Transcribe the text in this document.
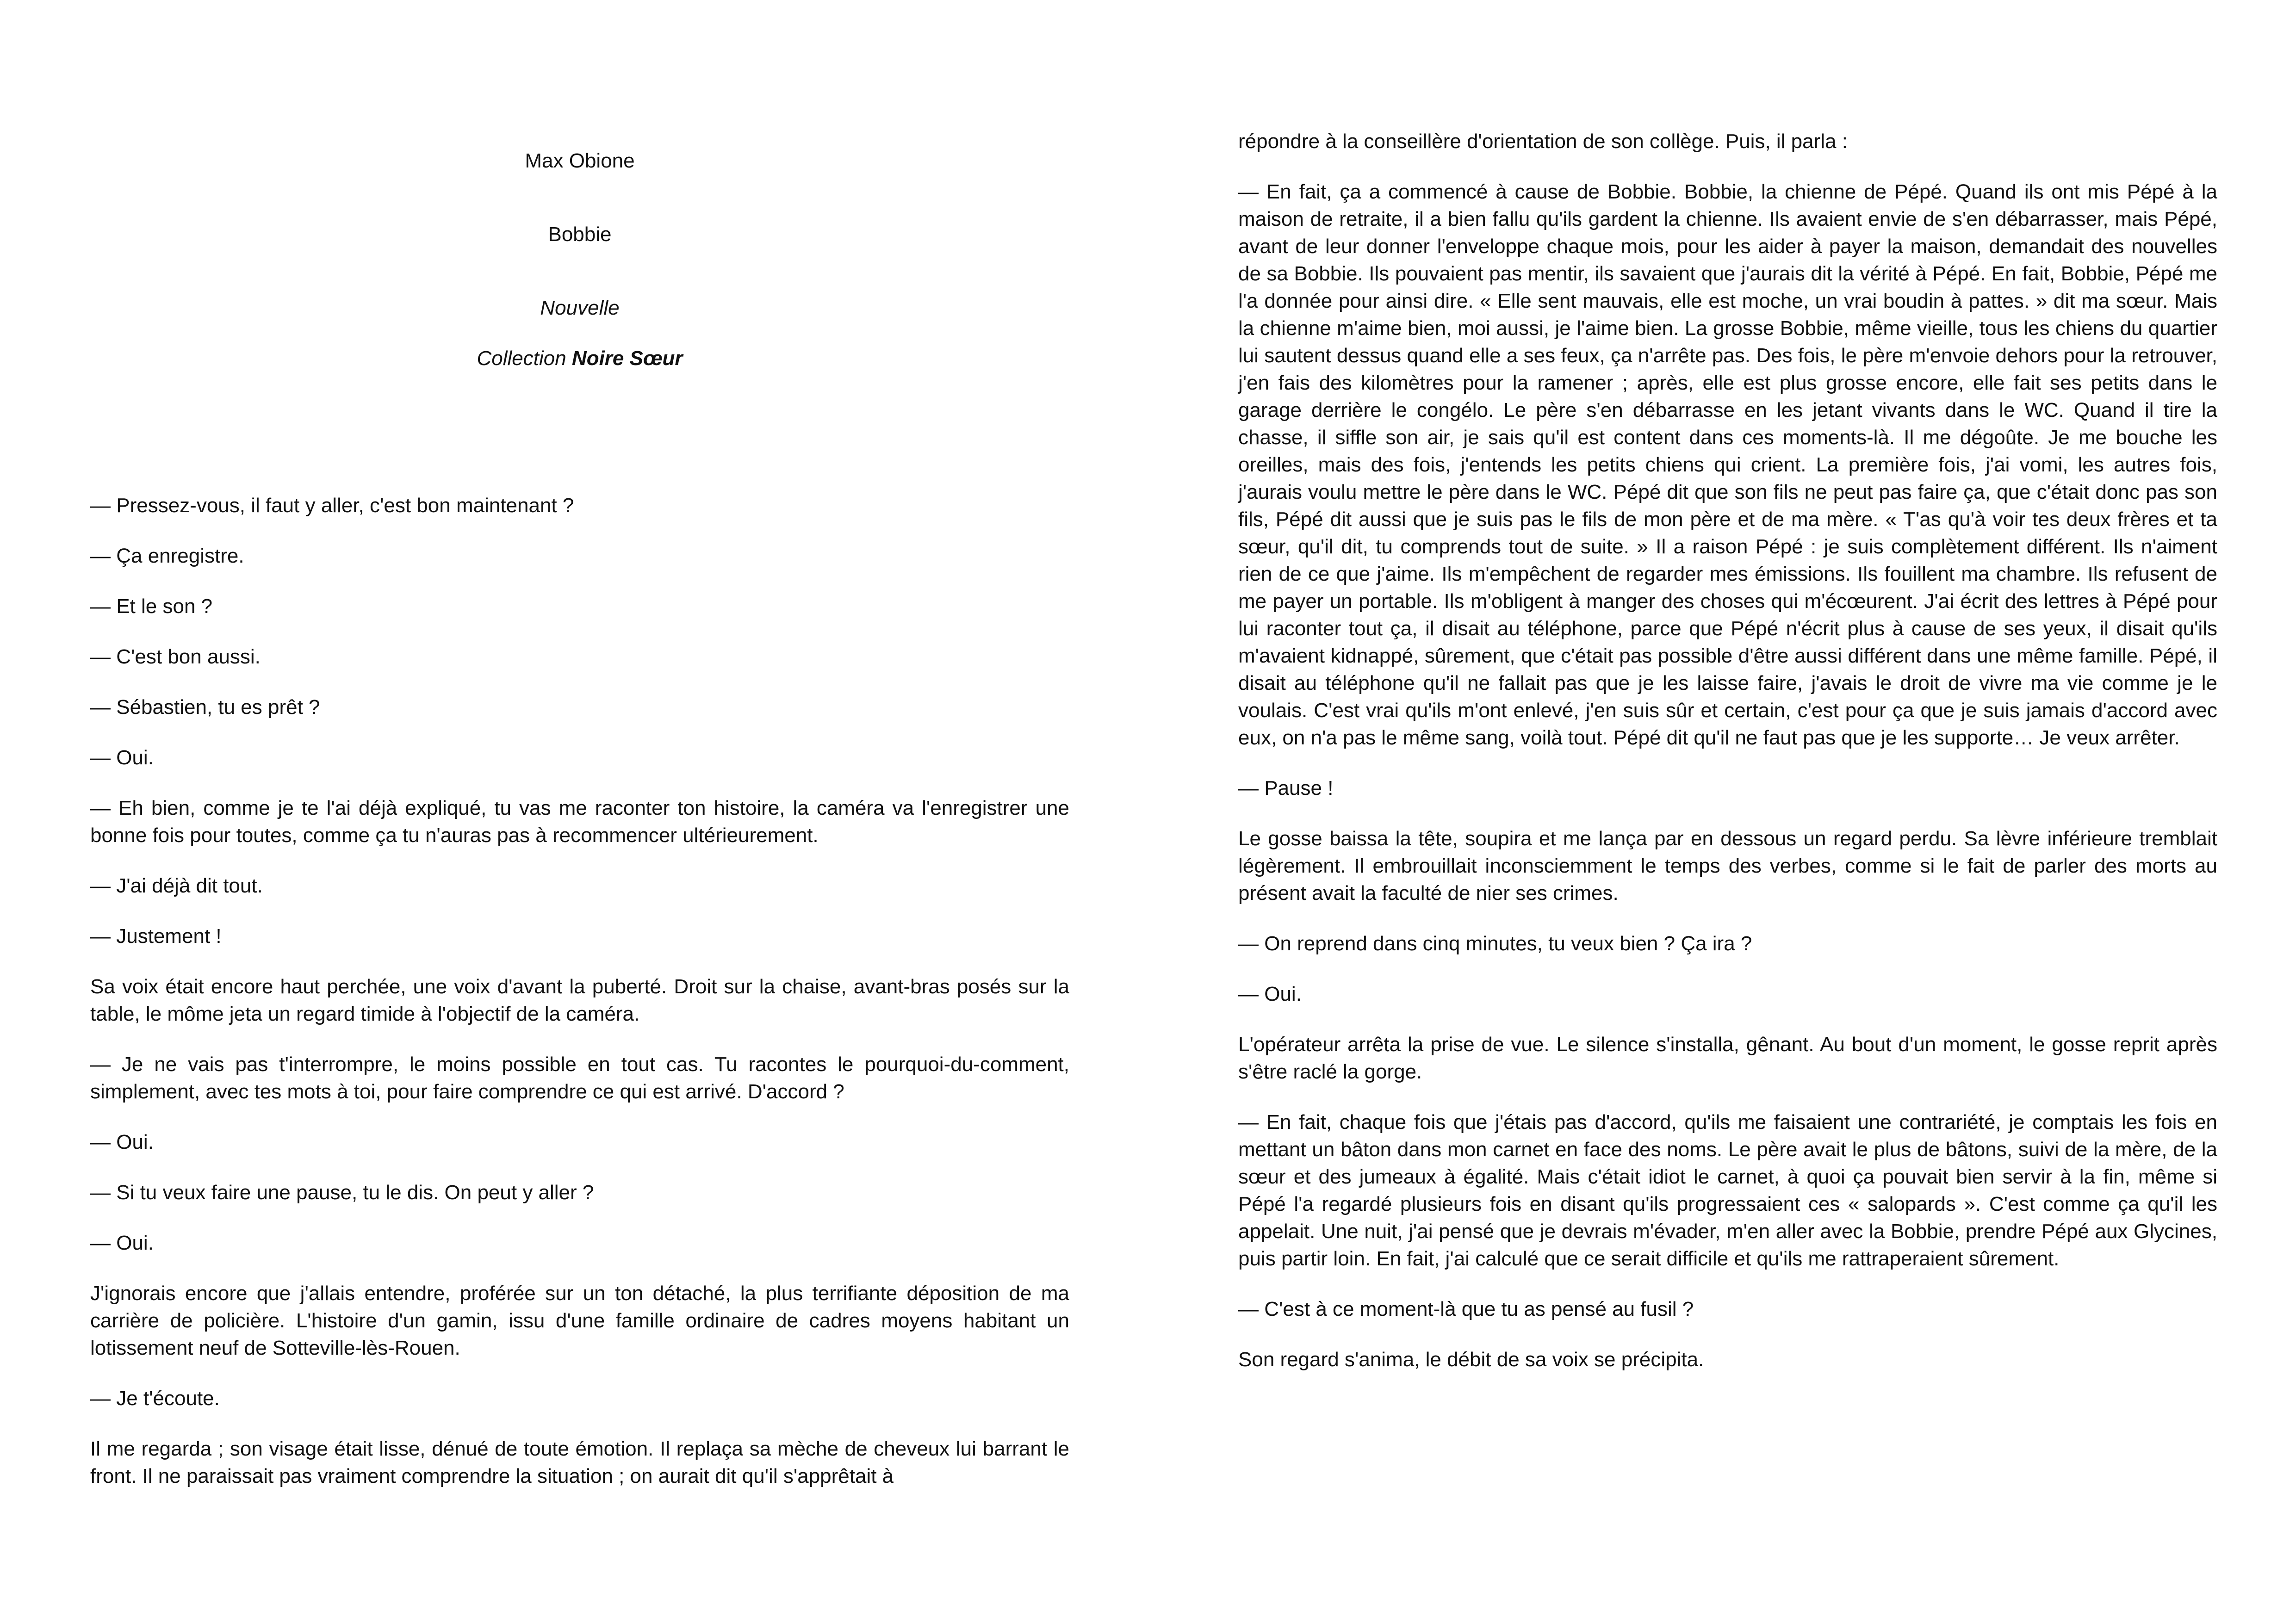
Max Obione
Bobbie
Nouvelle
Collection Noire Sœur

— Pressez-vous, il faut y aller, c'est bon maintenant ?

— Ça enregistre.

— Et le son ?

— C'est bon aussi.

— Sébastien, tu es prêt ?

— Oui.

— Eh bien, comme je te l'ai déjà expliqué, tu vas me raconter ton histoire, la caméra va l'enregistrer une bonne fois pour toutes, comme ça tu n'auras pas à recommencer ultérieurement.

— J'ai déjà dit tout.

— Justement !

Sa voix était encore haut perchée, une voix d'avant la puberté. Droit sur la chaise, avant-bras posés sur la table, le môme jeta un regard timide à l'objectif de la caméra.

— Je ne vais pas t'interrompre, le moins possible en tout cas. Tu racontes le pourquoi-du-comment, simplement, avec tes mots à toi, pour faire comprendre ce qui est arrivé. D'accord ?

— Oui.

— Si tu veux faire une pause, tu le dis. On peut y aller ?

— Oui.

J'ignorais encore que j'allais entendre, proférée sur un ton détaché, la plus terrifiante déposition de ma carrière de policière. L'histoire d'un gamin, issu d'une famille ordinaire de cadres moyens habitant un lotissement neuf de Sotteville-lès-Rouen.

— Je t'écoute.

Il me regarda ; son visage était lisse, dénué de toute émotion. Il replaça sa mèche de cheveux lui barrant le front. Il ne paraissait pas vraiment comprendre la situation ; on aurait dit qu'il s'apprêtait à

répondre à la conseillère d'orientation de son collège. Puis, il parla :

— En fait, ça a commencé à cause de Bobbie. Bobbie, la chienne de Pépé. Quand ils ont mis Pépé à la maison de retraite, il a bien fallu qu'ils gardent la chienne. Ils avaient envie de s'en débarrasser, mais Pépé, avant de leur donner l'enveloppe chaque mois, pour les aider à payer la maison, demandait des nouvelles de sa Bobbie. Ils pouvaient pas mentir, ils savaient que j'aurais dit la vérité à Pépé. En fait, Bobbie, Pépé me l'a donnée pour ainsi dire. « Elle sent mauvais, elle est moche, un vrai boudin à pattes. » dit ma sœur. Mais la chienne m'aime bien, moi aussi, je l'aime bien. La grosse Bobbie, même vieille, tous les chiens du quartier lui sautent dessus quand elle a ses feux, ça n'arrête pas. Des fois, le père m'envoie dehors pour la retrouver, j'en fais des kilomètres pour la ramener ; après, elle est plus grosse encore, elle fait ses petits dans le garage derrière le congélo. Le père s'en débarrasse en les jetant vivants dans le WC. Quand il tire la chasse, il siffle son air, je sais qu'il est content dans ces moments-là. Il me dégoûte. Je me bouche les oreilles, mais des fois, j'entends les petits chiens qui crient. La première fois, j'ai vomi, les autres fois, j'aurais voulu mettre le père dans le WC. Pépé dit que son fils ne peut pas faire ça, que c'était donc pas son fils, Pépé dit aussi que je suis pas le fils de mon père et de ma mère. « T'as qu'à voir tes deux frères et ta sœur, qu'il dit, tu comprends tout de suite. » Il a raison Pépé : je suis complètement différent. Ils n'aiment rien de ce que j'aime. Ils m'empêchent de regarder mes émissions. Ils fouillent ma chambre. Ils refusent de me payer un portable. Ils m'obligent à manger des choses qui m'écœurent. J'ai écrit des lettres à Pépé pour lui raconter tout ça, il disait au téléphone, parce que Pépé n'écrit plus à cause de ses yeux, il disait qu'ils m'avaient kidnappé, sûrement, que c'était pas possible d'être aussi différent dans une même famille. Pépé, il disait au téléphone qu'il ne fallait pas que je les laisse faire, j'avais le droit de vivre ma vie comme je le voulais. C'est vrai qu'ils m'ont enlevé, j'en suis sûr et certain, c'est pour ça que je suis jamais d'accord avec eux, on n'a pas le même sang, voilà tout. Pépé dit qu'il ne faut pas que je les supporte… Je veux arrêter.

— Pause !

Le gosse baissa la tête, soupira et me lança par en dessous un regard perdu. Sa lèvre inférieure tremblait légèrement. Il embrouillait inconsciemment le temps des verbes, comme si le fait de parler des morts au présent avait la faculté de nier ses crimes.

— On reprend dans cinq minutes, tu veux bien ? Ça ira ?

— Oui.

L'opérateur arrêta la prise de vue. Le silence s'installa, gênant. Au bout d'un moment, le gosse reprit après s'être raclé la gorge.

— En fait, chaque fois que j'étais pas d'accord, qu'ils me faisaient une contrariété, je comptais les fois en mettant un bâton dans mon carnet en face des noms. Le père avait le plus de bâtons, suivi de la mère, de la sœur et des jumeaux à égalité. Mais c'était idiot le carnet, à quoi ça pouvait bien servir à la fin, même si Pépé l'a regardé plusieurs fois en disant qu'ils progressaient ces « salopards ». C'est comme ça qu'il les appelait. Une nuit, j'ai pensé que je devrais m'évader, m'en aller avec la Bobbie, prendre Pépé aux Glycines, puis partir loin. En fait, j'ai calculé que ce serait difficile et qu'ils me rattraperaient sûrement.

— C'est à ce moment-là que tu as pensé au fusil ?

Son regard s'anima, le débit de sa voix se précipita.
